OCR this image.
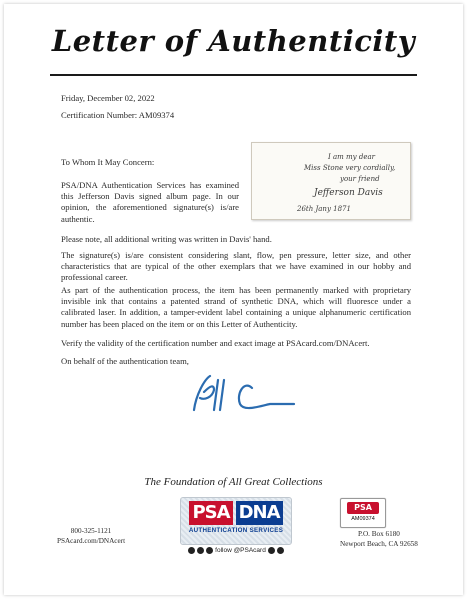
Letter of Authenticity
Friday, December 02, 2022
Certification Number: AM09374
To Whom It May Concern:
PSA/DNA Authentication Services has examined this Jefferson Davis signed album page. In our opinion, the aforementioned signature(s) is/are authentic.
I am my dear
Miss Stone very cordially,
your friend
Jefferson Davis
26th Jany 1871
Please note, all additional writing was written in Davis' hand.
The signature(s) is/are consistent considering slant, flow, pen pressure, letter size, and other characteristics that are typical of the other exemplars that we have examined in our hobby and professional career.
As part of the authentication process, the item has been permanently marked with proprietary invisible ink that contains a patented strand of synthetic DNA, which will fluoresce under a calibrated laser. In addition, a tamper-evident label containing a unique alphanumeric certification number has been placed on the item or on this Letter of Authenticity.
Verify the validity of the certification number and exact image at PSAcard.com/DNAcert.
On behalf of the authentication team,
The Foundation of All Great Collections
800-325-1121
PSAcard.com/DNAcert
PSA DNA
AUTHENTICATION SERVICES
follow @PSAcard
PSA
AM09374
P.O. Box 6180
Newport Beach, CA 92658
